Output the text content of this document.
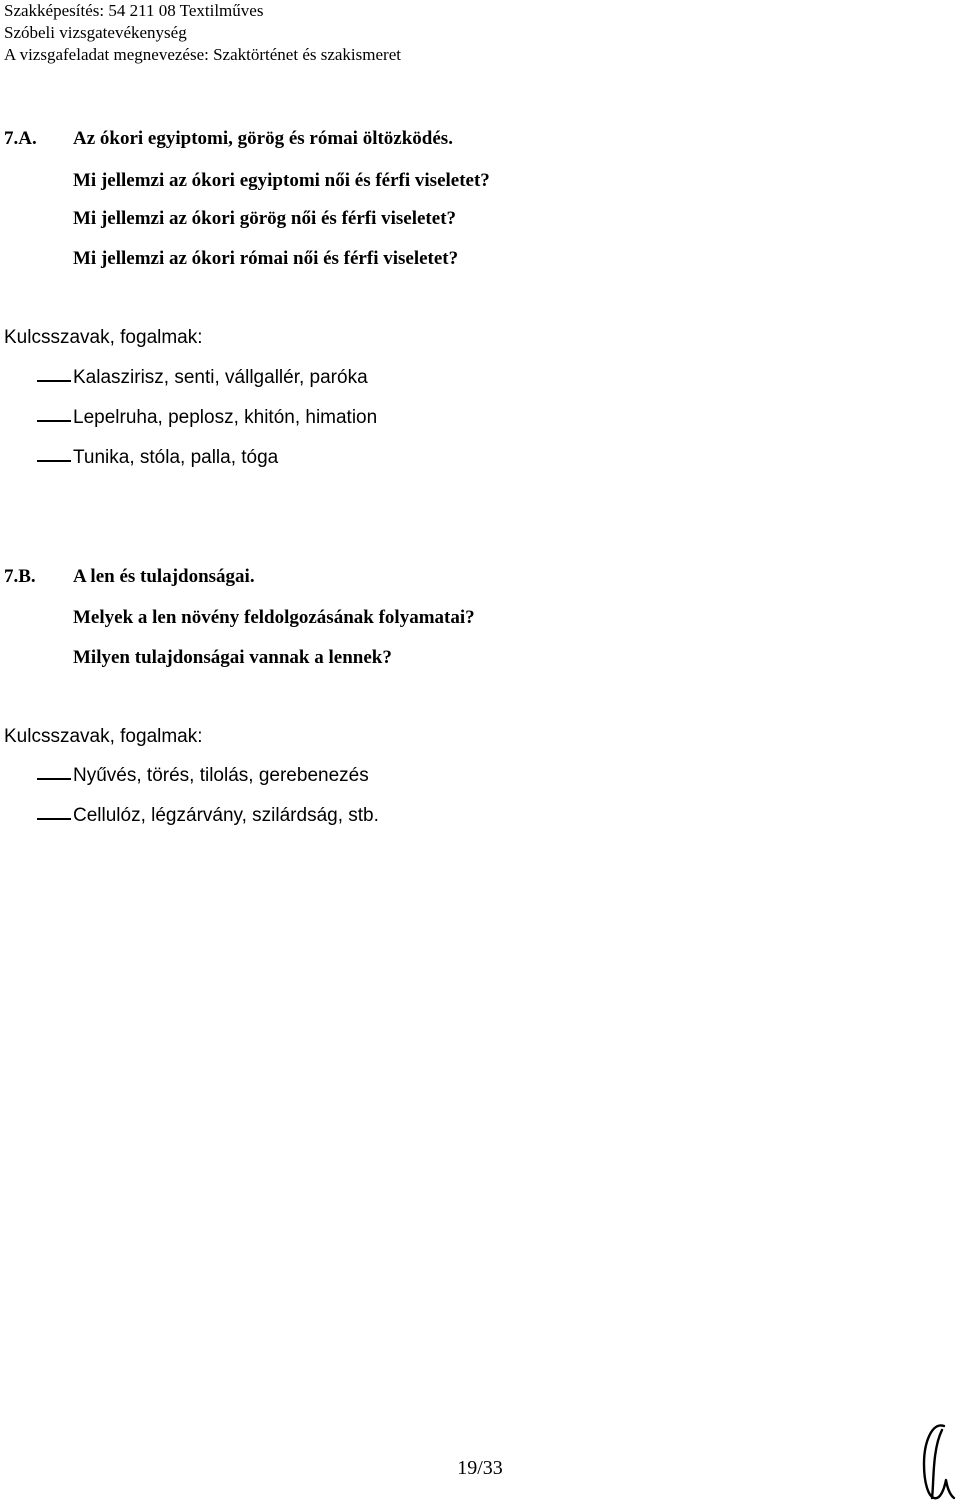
Szakképesítés: 54 211 08 Textilműves
Szóbeli vizsgatevékenység
A vizsgafeladat megnevezése: Szaktörténet és szakismeret
7.A. Az ókori egyiptomi, görög és római öltözködés.
Mi jellemzi az ókori egyiptomi női és férfi viseletet?
Mi jellemzi az ókori görög női és férfi viseletet?
Mi jellemzi az ókori római női és férfi viseletet?
Kulcsszavak, fogalmak:
Kalaszirisz, senti, vállgallér, paróka
Lepelruha, peplosz, khitón, himation
Tunika, stóla, palla, tóga
7.B. A len és tulajdonságai.
Melyek a len növény feldolgozásának folyamatai?
Milyen tulajdonságai vannak a lennek?
Kulcsszavak, fogalmak:
Nyűvés, törés, tilolás, gerebenezés
Cellulóz, légzárvány, szilárdság, stb.
19/33
